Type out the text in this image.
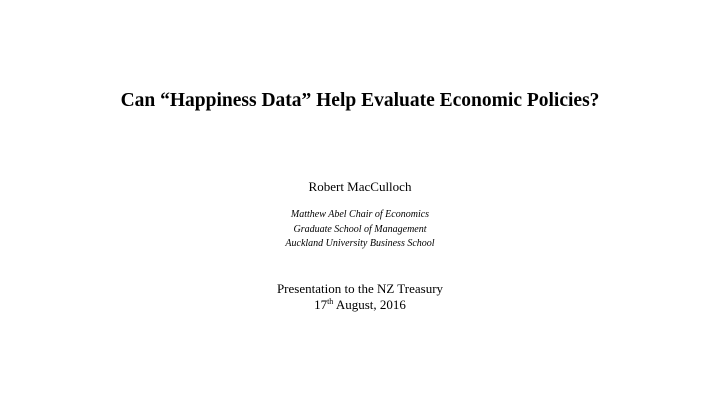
Can “Happiness Data” Help Evaluate Economic Policies?
Robert MacCulloch
Matthew Abel Chair of Economics
Graduate School of Management
Auckland University Business School
Presentation to the NZ Treasury
17th August, 2016
